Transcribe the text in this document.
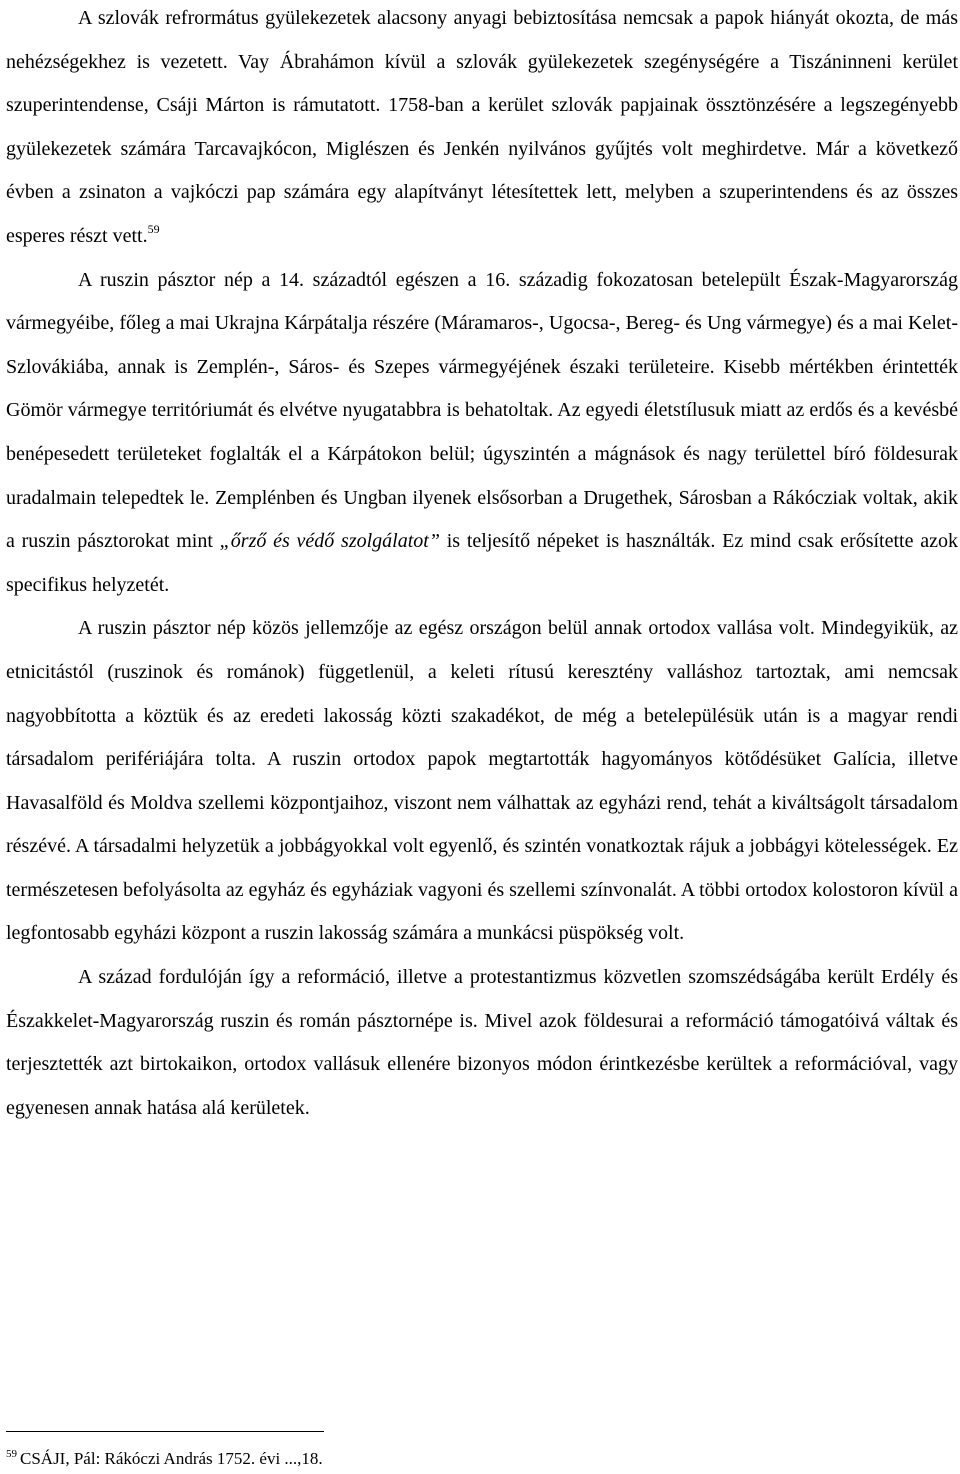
A szlovák refrormátus gyülekezetek alacsony anyagi bebiztosítása nemcsak a papok hiányát okozta, de más nehézségekhez is vezetett. Vay Ábrahámon kívül a szlovák gyülekezetek szegénységére a Tiszáninneni kerület szuperintendense, Csáji Márton is rámutatott. 1758-ban a kerület szlovák papjainak össztönzésére a legszegényebb gyülekezetek számára Tarcavajkócon, Miglészen és Jenkén nyilvános gyűjtés volt meghirdetve. Már a következő évben a zsinaton a vajkóczi pap számára egy alapítványt létesítettek lett, melyben a szuperintendens és az összes esperes részt vett.$^{59}$

A ruszin pásztor nép a 14. századtól egészen a 16. századig fokozatosan betelepült Észak-Magyarország vármegyéibe, főleg a mai Ukrajna Kárpátalja részére (Máramaros-, Ugocsa-, Bereg- és Ung vármegye) és a mai Kelet-Szlovákiába, annak is Zemplén-, Sáros- és Szepes vármegyéjének északi területeire. Kisebb mértékben érintették Gömör vármegye territóriumát és elvétve nyugatabbra is behatoltak. Az egyedi életstílusuk miatt az erdős és a kevésbé benépesedett területeket foglalták el a Kárpátokon belül; úgyszintén a mágnások és nagy területtel bíró földesurak uradalmain telepedtek le. Zemplénben és Ungban ilyenek elsősorban a Drugethek, Sárosban a Rákócziak voltak, akik a ruszin pásztorokat mint „őrző és védő szolgálatot” is teljesítő népeket is használták. Ez mind csak erősítette azok specifikus helyzetét.

A ruszin pásztor nép közös jellemzője az egész országon belül annak ortodox vallása volt. Mindegyikük, az etnicitástól (ruszinok és románok) függetlenül, a keleti rítusú keresztény valláshoz tartoztak, ami nemcsak nagyobbította a köztük és az eredeti lakosság közti szakadékot, de még a betelepülésük után is a magyar rendi társadalom perifériájára tolta. A ruszin ortodox papok megtartották hagyományos kötődésüket Galícia, illetve Havasalföld és Moldva szellemi központjaihoz, viszont nem válhattak az egyházi rend, tehát a kiváltságolt társadalom részévé. A társadalmi helyzetük a jobbágyokkal volt egyenlő, és szintén vonatkoztak rájuk a jobbágyi kötelességek. Ez természetesen befolyásolta az egyház és egyháziak vagyoni és szellemi színvonalát. A többi ortodox kolostoron kívül a legfontosabb egyházi központ a ruszin lakosság számára a munkácsi püspökség volt.

A század fordulóján így a reformáció, illetve a protestantizmus közvetlen szomszédságába került Erdély és Északkelet-Magyarország ruszin és román pásztornépe is. Mivel azok földesurai a reformáció támogatóivá váltak és terjesztették azt birtokaikon, ortodox vallásuk ellenére bizonyos módon érintkezésbe kerültek a reformációval, vagy egyenesen annak hatása alá kerületek.

$^{59}$ CSÁJI, Pál: Rákóczi András 1752. évi ...,18.
